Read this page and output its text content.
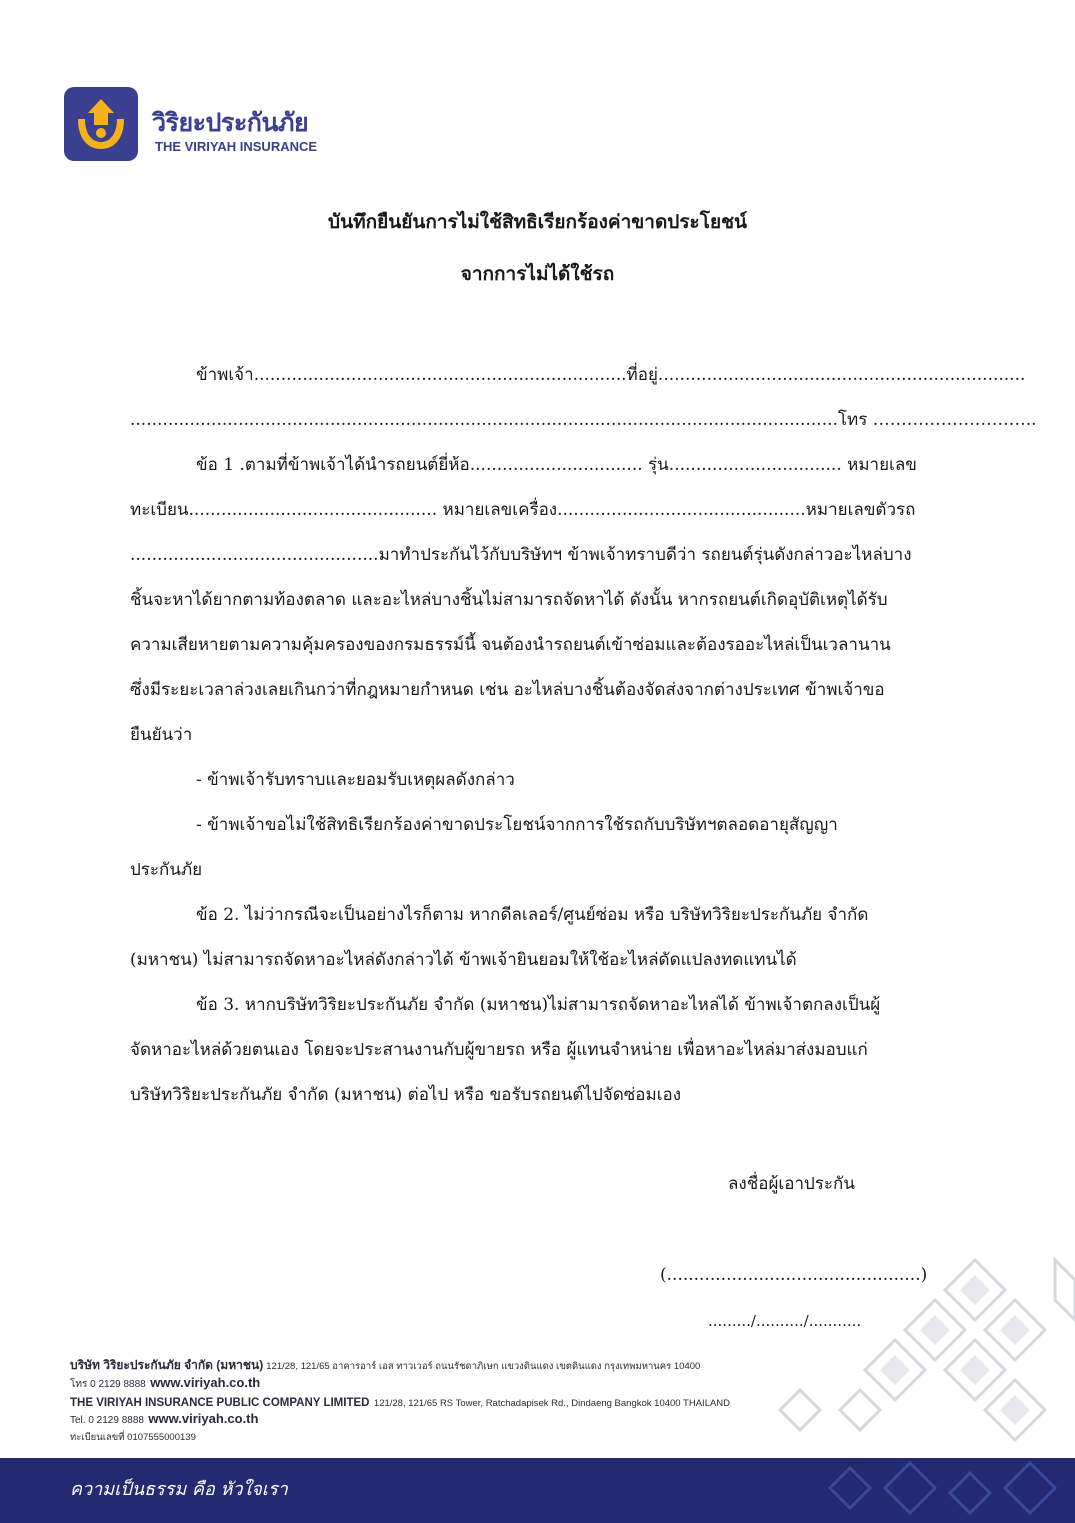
วิริยะประกันภัย
THE VIRIYAH INSURANCE
บันทึกยืนยันการไม่ใช้สิทธิเรียกร้องค่าขาดประโยชน์
จากการไม่ได้ใช้รถ
ข้าพเจ้า.....................................................................ที่อยู่....................................................................
...................................................................................................................................โทร ………………………..
ข้อ 1 .ตามที่ข้าพเจ้าได้นำรถยนต์ยี่ห้อ................................ รุ่น................................ หมายเลข
ทะเบียน.............................................. หมายเลขเครื่อง..............................................หมายเลขตัวรถ
..............................................มาทำประกันไว้กับบริษัทฯ ข้าพเจ้าทราบดีว่า รถยนต์รุ่นดังกล่าวอะไหล่บาง
ชิ้นจะหาได้ยากตามท้องตลาด และอะไหล่บางชิ้นไม่สามารถจัดหาได้ ดังนั้น หากรถยนต์เกิดอุบัติเหตุได้รับ
ความเสียหายตามความคุ้มครองของกรมธรรม์นี้ จนต้องนำรถยนต์เข้าซ่อมและต้องรออะไหล่เป็นเวลานาน
ซึ่งมีระยะเวลาล่วงเลยเกินกว่าที่กฎหมายกำหนด เช่น อะไหล่บางชิ้นต้องจัดส่งจากต่างประเทศ ข้าพเจ้าขอ
ยืนยันว่า
- ข้าพเจ้ารับทราบและยอมรับเหตุผลดังกล่าว
- ข้าพเจ้าขอไม่ใช้สิทธิเรียกร้องค่าขาดประโยชน์จากการใช้รถกับบริษัทฯตลอดอายุสัญญา
ประกันภัย
ข้อ 2. ไม่ว่ากรณีจะเป็นอย่างไรก็ตาม หากดีลเลอร์/ศูนย์ซ่อม หรือ บริษัทวิริยะประกันภัย จำกัด
(มหาชน) ไม่สามารถจัดหาอะไหล่ดังกล่าวได้ ข้าพเจ้ายินยอมให้ใช้อะไหล่ดัดแปลงทดแทนได้
ข้อ 3. หากบริษัทวิริยะประกันภัย จำกัด (มหาชน)ไม่สามารถจัดหาอะไหล่ได้ ข้าพเจ้าตกลงเป็นผู้
จัดหาอะไหล่ด้วยตนเอง โดยจะประสานงานกับผู้ขายรถ หรือ ผู้แทนจำหน่าย เพื่อหาอะไหล่มาส่งมอบแก่
บริษัทวิริยะประกันภัย จำกัด (มหาชน) ต่อไป หรือ ขอรับรถยนต์ไปจัดซ่อมเอง
ลงชื่อผู้เอาประกัน
(...............................................)
........./........../...........
บริษัท วิริยะประกันภัย จำกัด (มหาชน) 121/28, 121/65 อาคารอาร์ เอส ทาวเวอร์ ถนนรัชดาภิเษก แขวงดินแดง เขตดินแดง กรุงเทพมหานคร 10400
โทร 0 2129 8888 www.viriyah.co.th
THE VIRIYAH INSURANCE PUBLIC COMPANY LIMITED 121/28, 121/65 RS Tower, Ratchadapisek Rd., Dindaeng Bangkok 10400 THAILAND
Tel. 0 2129 8888 www.viriyah.co.th
ทะเบียนเลขที่ 0107555000139
ความเป็นธรรม คือ หัวใจเรา
